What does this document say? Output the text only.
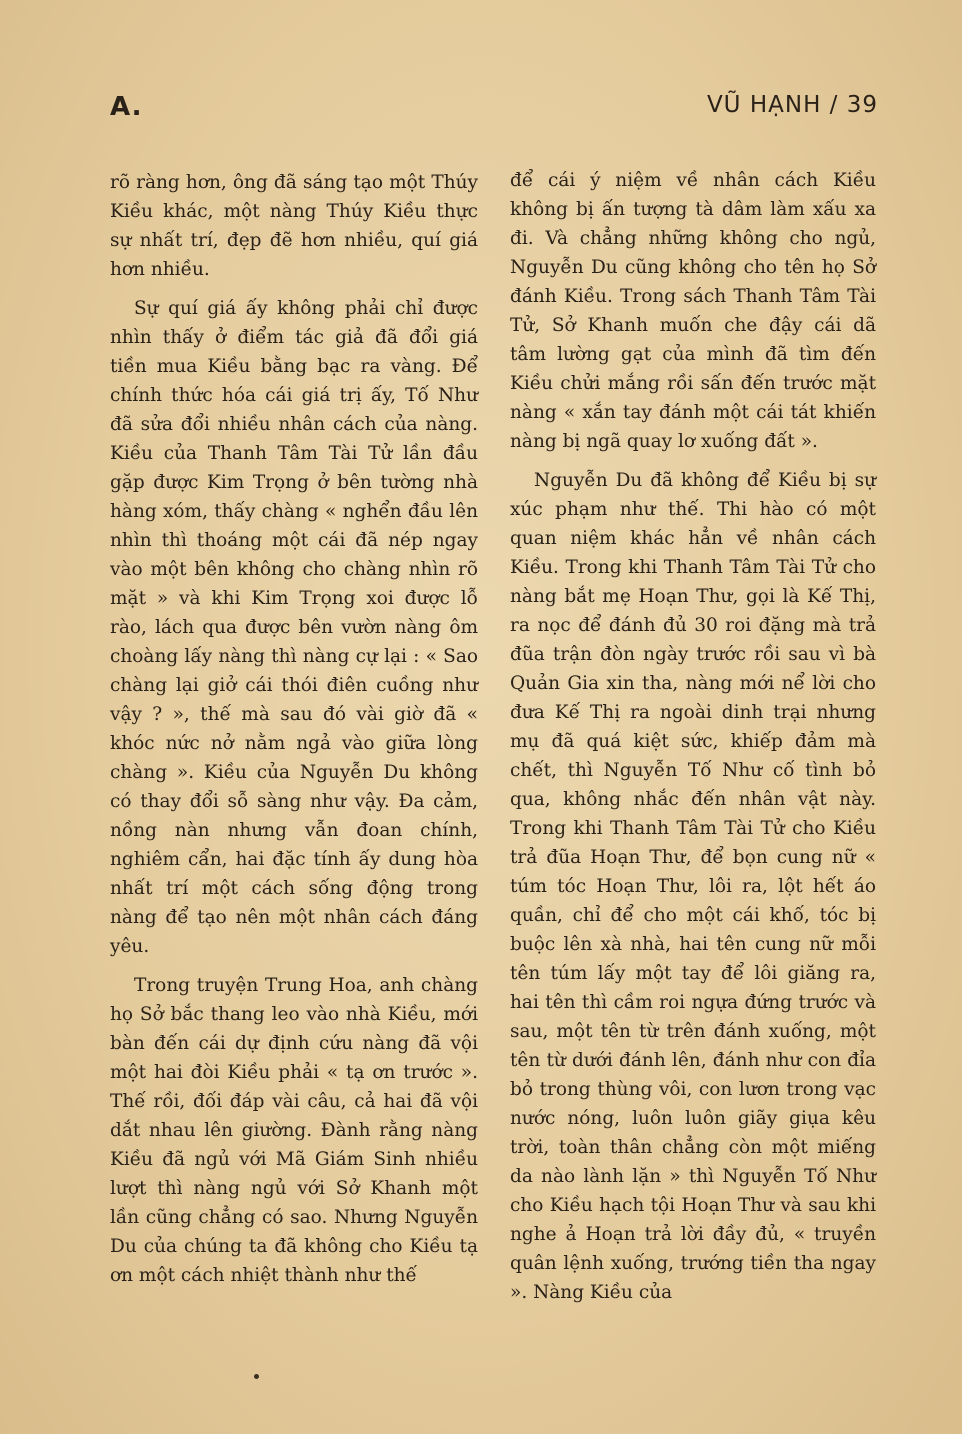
A.	VŨ HẠNH / 39

rõ ràng hơn, ông đã sáng tạo một Thúy Kiều khác, một nàng Thúy Kiều thực sự nhất trí, đẹp đẽ hơn nhiều, quí giá hơn nhiều.

Sự quí giá ấy không phải chỉ được nhìn thấy ở điểm tác giả đã đổi giá tiền mua Kiều bằng bạc ra vàng. Để chính thức hóa cái giá trị ấy, Tố Như đã sửa đổi nhiều nhân cách của nàng. Kiều của Thanh Tâm Tài Tử lần đầu gặp được Kim Trọng ở bên tường nhà hàng xóm, thấy chàng « nghển đầu lên nhìn thì thoáng một cái đã nép ngay vào một bên không cho chàng nhìn rõ mặt » và khi Kim Trọng xoi được lỗ rào, lách qua được bên vườn nàng ôm choàng lấy nàng thì nàng cự lại : « Sao chàng lại giở cái thói điên cuồng như vậy ? », thế mà sau đó vài giờ đã « khóc nức nở nằm ngả vào giữa lòng chàng ». Kiều của Nguyễn Du không có thay đổi sỗ sàng như vậy. Đa cảm, nồng nàn nhưng vẫn đoan chính, nghiêm cẩn, hai đặc tính ấy dung hòa nhất trí một cách sống động trong nàng để tạo nên một nhân cách đáng yêu.

Trong truyện Trung Hoa, anh chàng họ Sở bắc thang leo vào nhà Kiều, mới bàn đến cái dự định cứu nàng đã vội một hai đòi Kiều phải « tạ ơn trước ». Thế rồi, đối đáp vài câu, cả hai đã vội dắt nhau lên giường. Đành rằng nàng Kiều đã ngủ với Mã Giám Sinh nhiều lượt thì nàng ngủ với Sở Khanh một lần cũng chẳng có sao. Nhưng Nguyễn Du của chúng ta đã không cho Kiều tạ ơn một cách nhiệt thành như thế

để cái ý niệm về nhân cách Kiều không bị ấn tượng tà dâm làm xấu xa đi. Và chẳng những không cho ngủ, Nguyễn Du cũng không cho tên họ Sở đánh Kiều. Trong sách Thanh Tâm Tài Tử, Sở Khanh muốn che đậy cái dã tâm lường gạt của mình đã tìm đến Kiều chửi mắng rồi sấn đến trước mặt nàng « xắn tay đánh một cái tát khiến nàng bị ngã quay lơ xuống đất ».

Nguyễn Du đã không để Kiều bị sự xúc phạm như thế. Thi hào có một quan niệm khác hẳn về nhân cách Kiều. Trong khi Thanh Tâm Tài Tử cho nàng bắt mẹ Hoạn Thư, gọi là Kế Thị, ra nọc để đánh đủ 30 roi đặng mà trả đũa trận đòn ngày trước rồi sau vì bà Quản Gia xin tha, nàng mới nể lời cho đưa Kế Thị ra ngoài dinh trại nhưng mụ đã quá kiệt sức, khiếp đảm mà chết, thì Nguyễn Tố Như cố tình bỏ qua, không nhắc đến nhân vật này. Trong khi Thanh Tâm Tài Tử cho Kiều trả đũa Hoạn Thư, để bọn cung nữ « túm tóc Hoạn Thư, lôi ra, lột hết áo quần, chỉ để cho một cái khố, tóc bị buộc lên xà nhà, hai tên cung nữ mỗi tên túm lấy một tay để lôi giăng ra, hai tên thì cầm roi ngựa đứng trước và sau, một tên từ trên đánh xuống, một tên từ dưới đánh lên, đánh như con đỉa bỏ trong thùng vôi, con lươn trong vạc nước nóng, luôn luôn giãy giụa kêu trời, toàn thân chẳng còn một miếng da nào lành lặn » thì Nguyễn Tố Như cho Kiều hạch tội Hoạn Thư và sau khi nghe ả Hoạn trả lời đầy đủ, « truyền quân lệnh xuống, trướng tiền tha ngay ». Nàng Kiều của
